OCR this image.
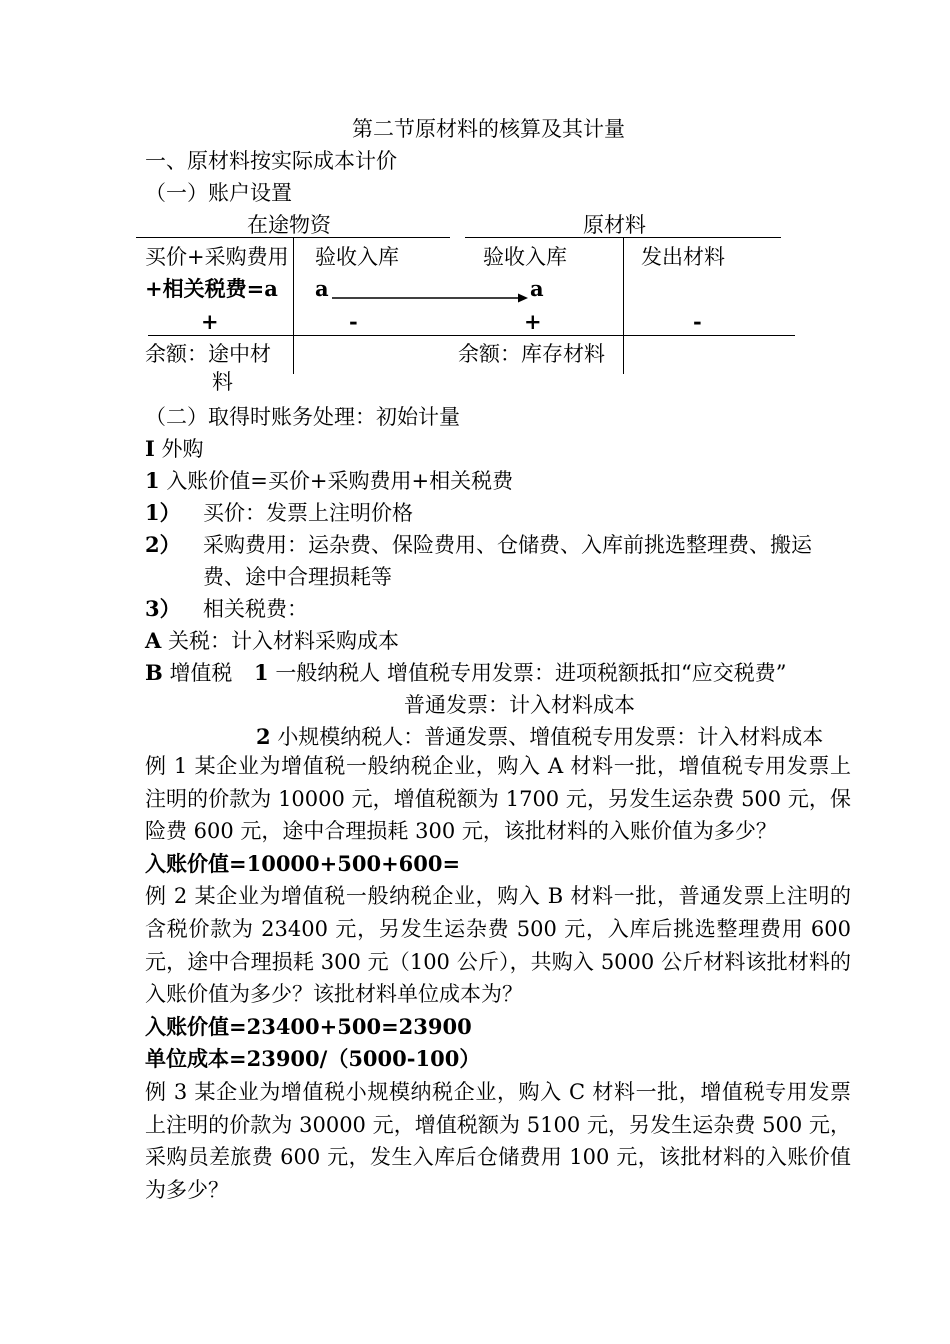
第二节原材料的核算及其计量
一、原材料按实际成本计价
（一）账户设置
在途物资
买价+采购费用
+相关税费=a
验收入库
a
+	-
余额：途中材
料
原材料
验收入库
a
发出材料
+	-
余额：库存材料
（二）取得时账务处理：初始计量
I 外购
1 入账价值=买价+采购费用+相关税费
1） 买价：发票上注明价格
2） 采购费用：运杂费、保险费用、仓储费、入库前挑选整理费、搬运
费、途中合理损耗等
3） 相关税费：
A 关税：计入材料采购成本
B 增值税 1 一般纳税人 增值税专用发票：进项税额抵扣“应交税费”
普通发票：计入材料成本
2 小规模纳税人：普通发票、增值税专用发票：计入材料成本

例 1 某企业为增值税一般纳税企业，购入 A 材料一批，增值税专用发票上注明的价款为 10000 元，增值税额为 1700 元，另发生运杂费 500 元，保险费 600 元，途中合理损耗 300 元，该批材料的入账价值为多少？

入账价值=10000+500+600=

例 2 某企业为增值税一般纳税企业，购入 B 材料一批，普通发票上注明的含税价款为 23400 元，另发生运杂费 500 元，入库后挑选整理费用 600 元，途中合理损耗 300 元（100 公斤），共购入 5000 公斤材料该批材料的入账价值为多少？该批材料单位成本为？

入账价值=23400+500=23900

单位成本=23900/（5000-100）

例 3 某企业为增值税小规模纳税企业，购入 C 材料一批，增值税专用发票上注明的价款为 30000 元，增值税额为 5100 元，另发生运杂费 500 元，采购员差旅费 600 元，发生入库后仓储费用 100 元，该批材料的入账价值为多少？
